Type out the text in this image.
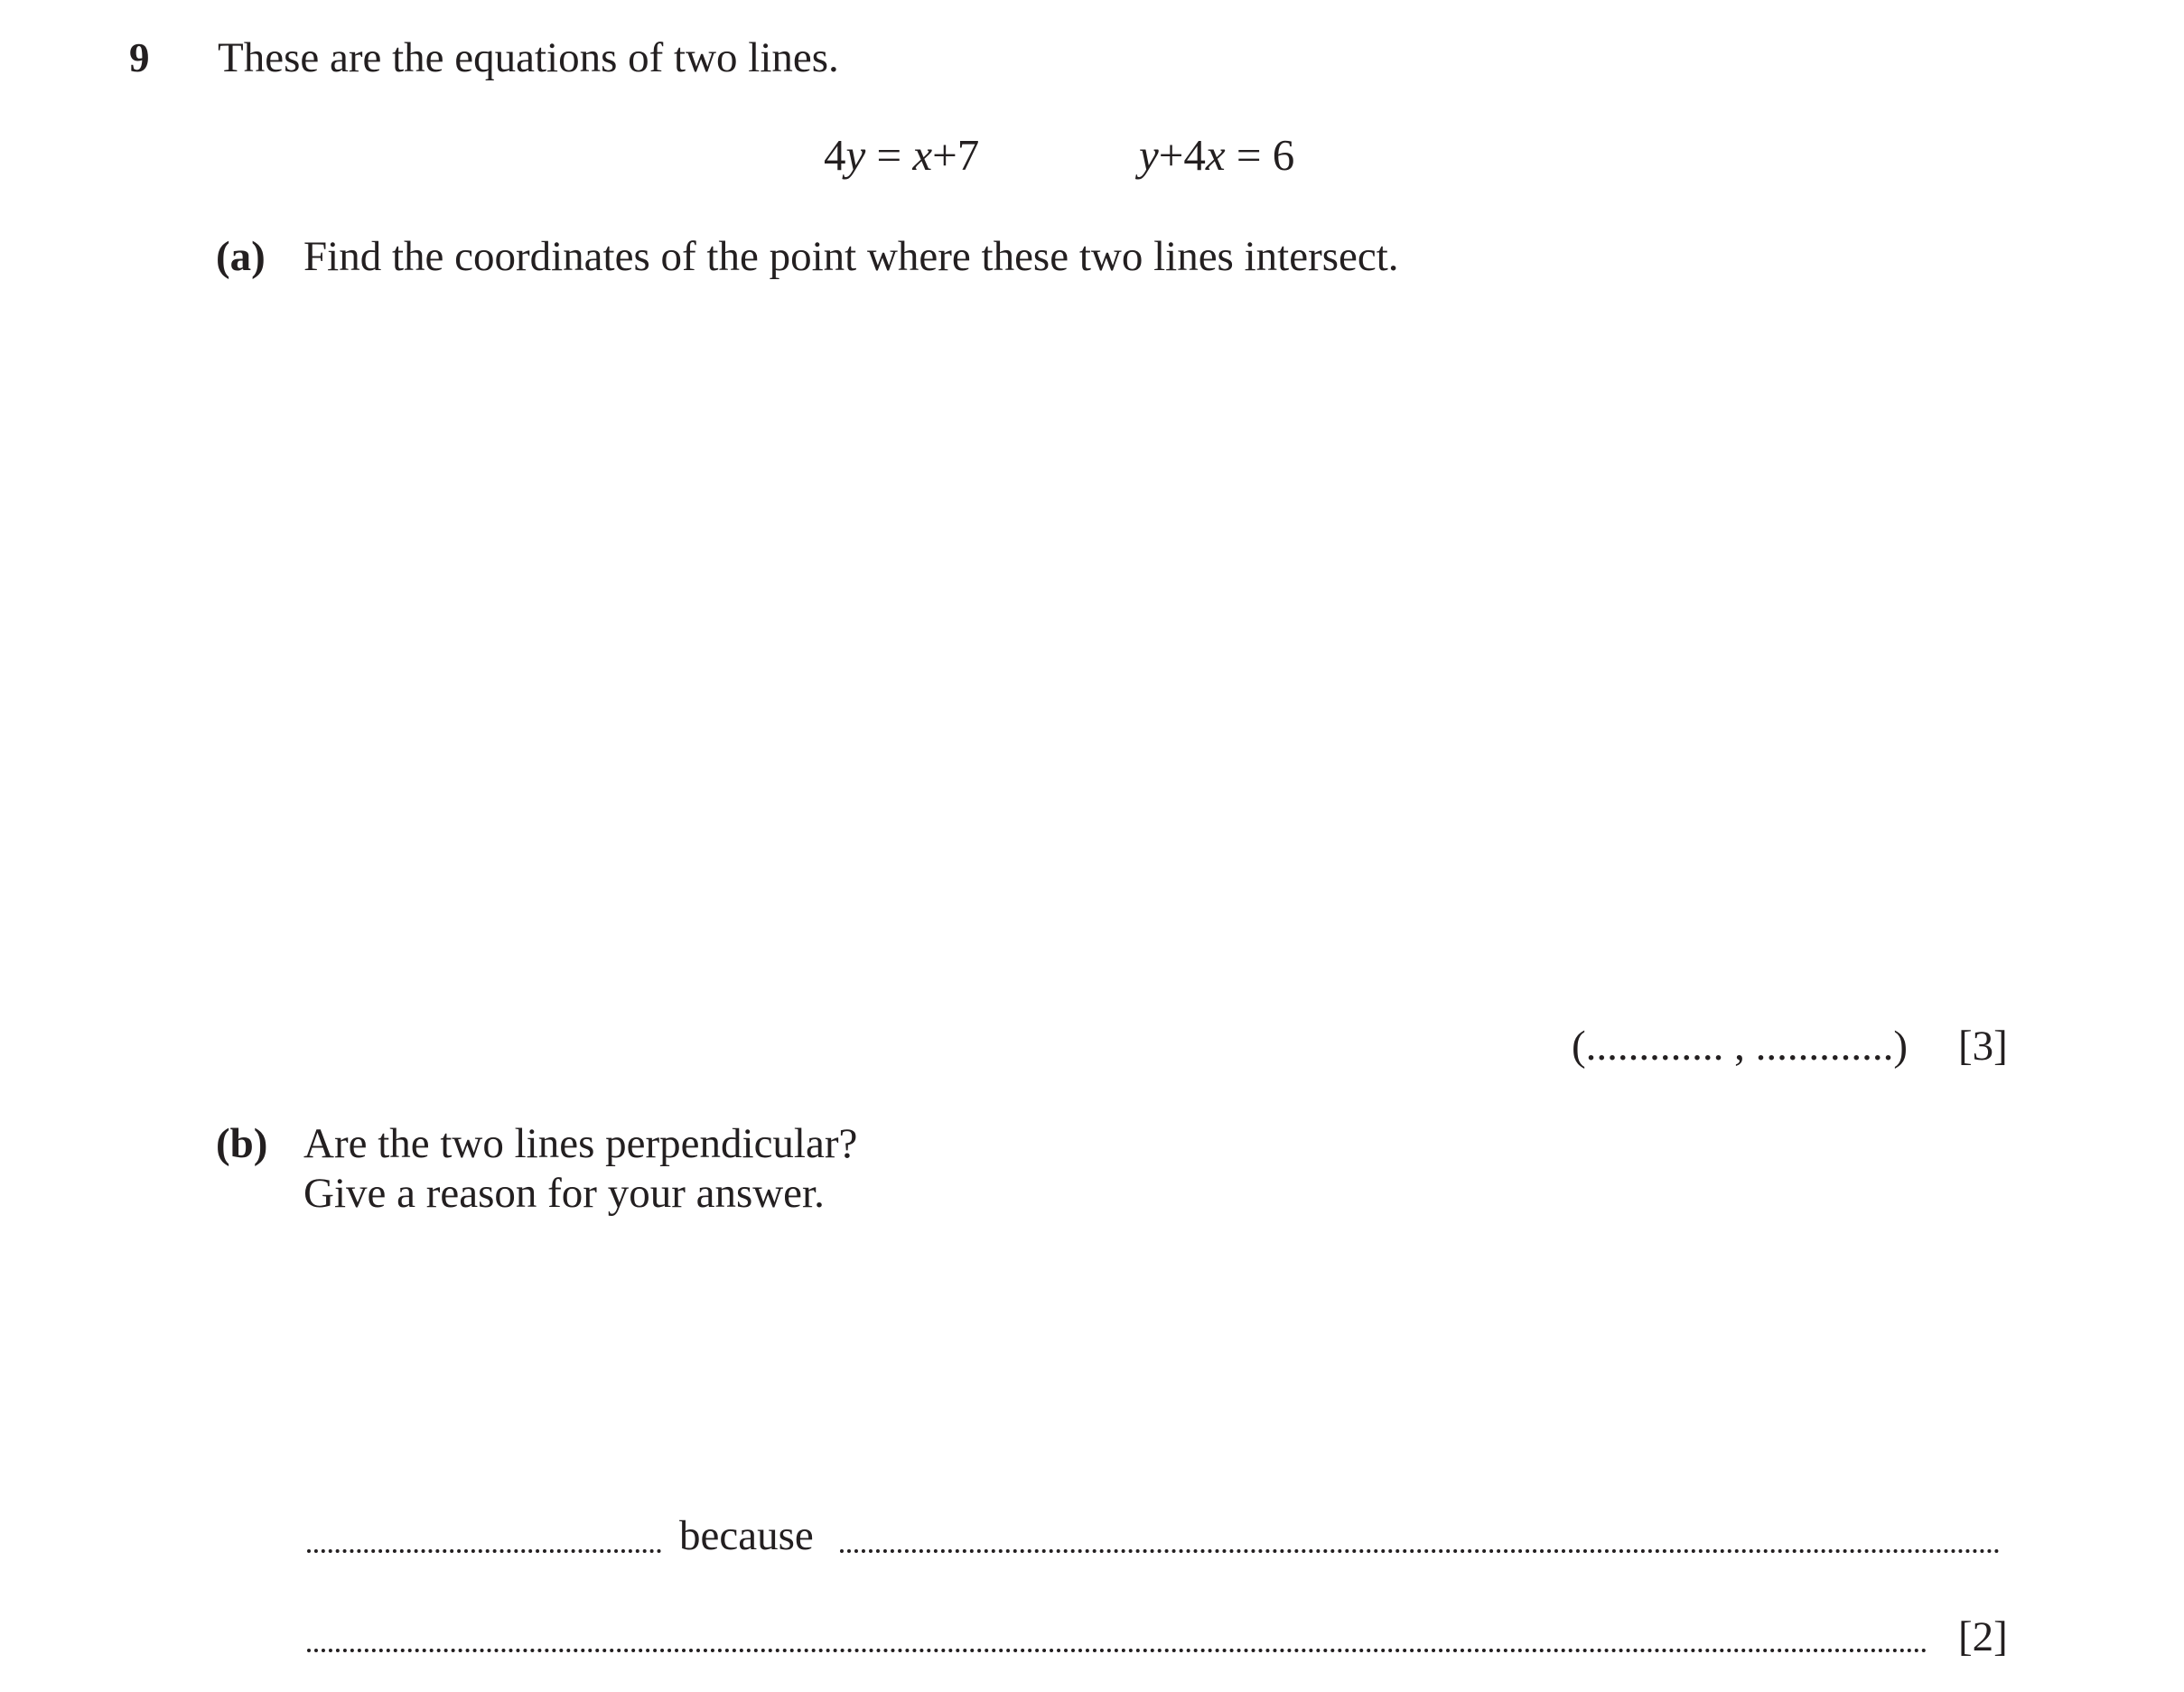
9 These are the equations of two lines.
4y = x+7	y+4x = 6
(a) Find the coordinates of the point where these two lines intersect.
(............. , .............) [3]
(b) Are the two lines perpendicular?
Give a reason for your answer.
because
[2]
